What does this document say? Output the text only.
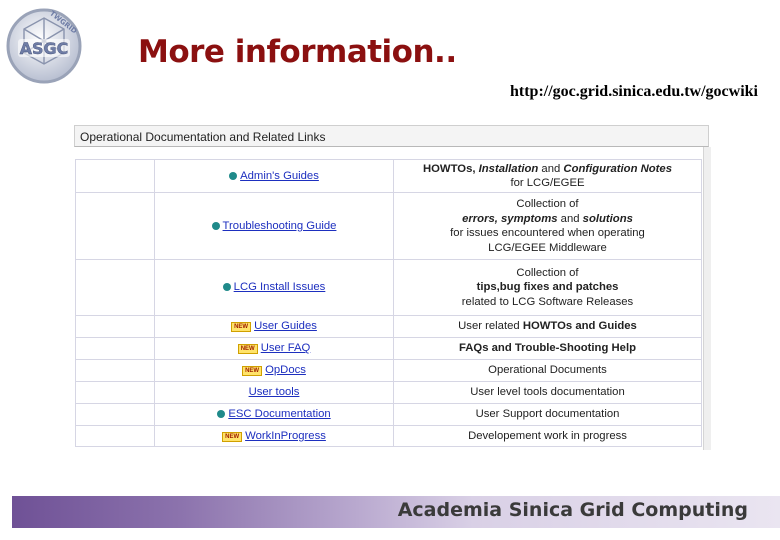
ASGC
TWGRID
More information..
http://goc.grid.sinica.edu.tw/gocwiki
Operational Documentation and Related Links
	Admin's Guides	HOWTOs, Installation and Configuration Notes
for LCG/EGEE

	Troubleshooting Guide	Collection of
errors, symptoms and solutions
for issues encountered when operating
LCG/EGEE Middleware

	LCG Install Issues	Collection of
tips,bug fixes and patches
related to LCG Software Releases

	NEW User Guides	User related HOWTOs and Guides

	NEW User FAQ	FAQs and Trouble-Shooting Help

	NEW OpDocs	Operational Documents

	User tools	User level tools documentation

	ESC Documentation	User Support documentation

	NEW WorkInProgress	Developement work in progress
Academia Sinica Grid Computing
